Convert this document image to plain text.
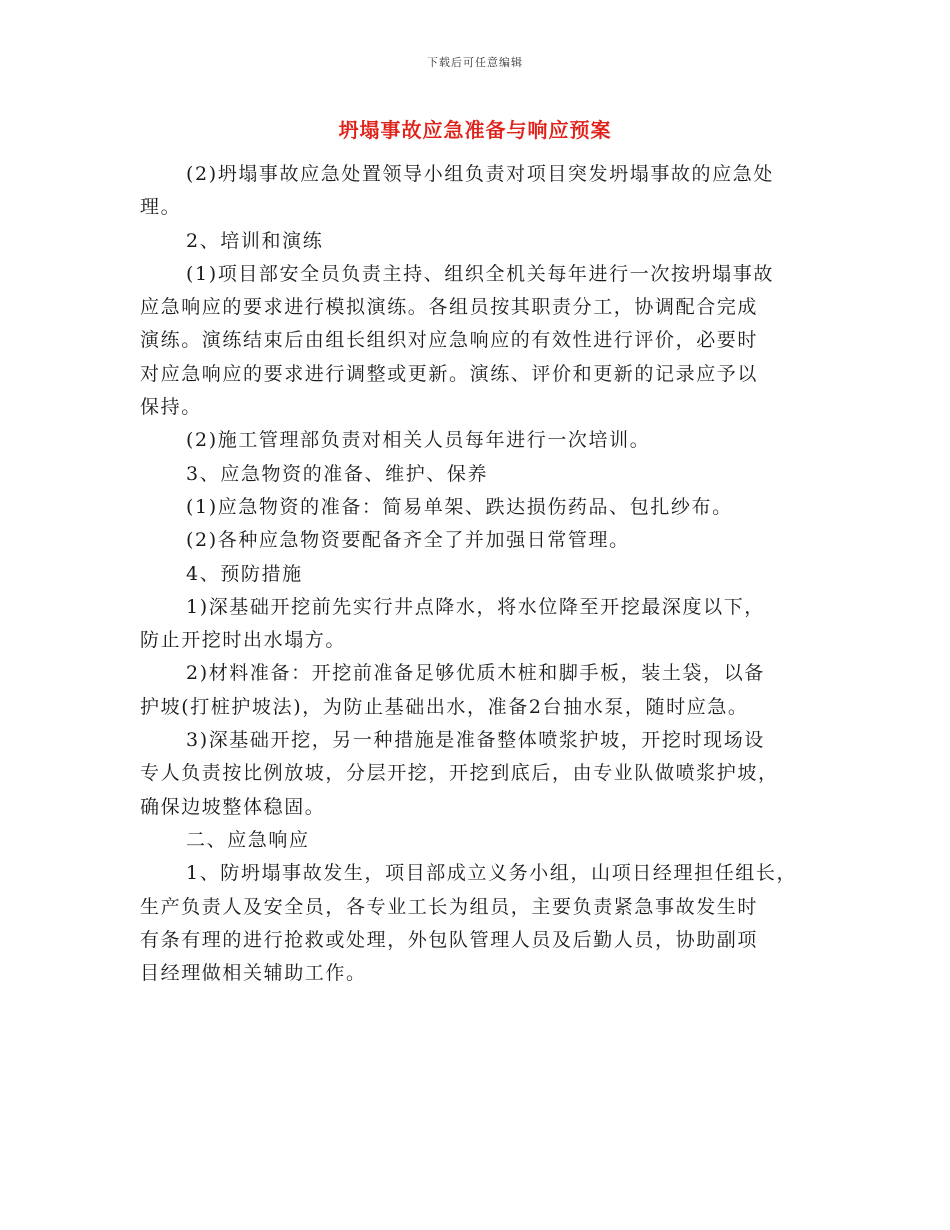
下载后可任意编辑
坍塌事故应急准备与响应预案
(2)坍塌事故应急处置领导小组负责对项目突发坍塌事故的应急处
理。
2、培训和演练
(1)项目部安全员负责主持、组织全机关每年进行一次按坍塌事故
应急响应的要求进行模拟演练。各组员按其职责分工，协调配合完成
演练。演练结束后由组长组织对应急响应的有效性进行评价，必要时
对应急响应的要求进行调整或更新。演练、评价和更新的记录应予以
保持。
(2)施工管理部负责对相关人员每年进行一次培训。
3、应急物资的准备、维护、保养
(1)应急物资的准备：简易单架、跌达损伤药品、包扎纱布。
(2)各种应急物资要配备齐全了并加强日常管理。
4、预防措施
1)深基础开挖前先实行井点降水，将水位降至开挖最深度以下，
防止开挖时出水塌方。
2)材料准备：开挖前准备足够优质木桩和脚手板，装土袋，以备
护坡(打桩护坡法)，为防止基础出水，准备2台抽水泵，随时应急。
3)深基础开挖，另一种措施是准备整体喷浆护坡，开挖时现场设
专人负责按比例放坡，分层开挖，开挖到底后，由专业队做喷浆护坡，
确保边坡整体稳固。
二、应急响应
1、防坍塌事故发生，项目部成立义务小组，山项日经理担任组长，
生产负责人及安全员，各专业工长为组员，主要负责紧急事故发生时
有条有理的进行抢救或处理，外包队管理人员及后勤人员，协助副项
目经理做相关辅助工作。
